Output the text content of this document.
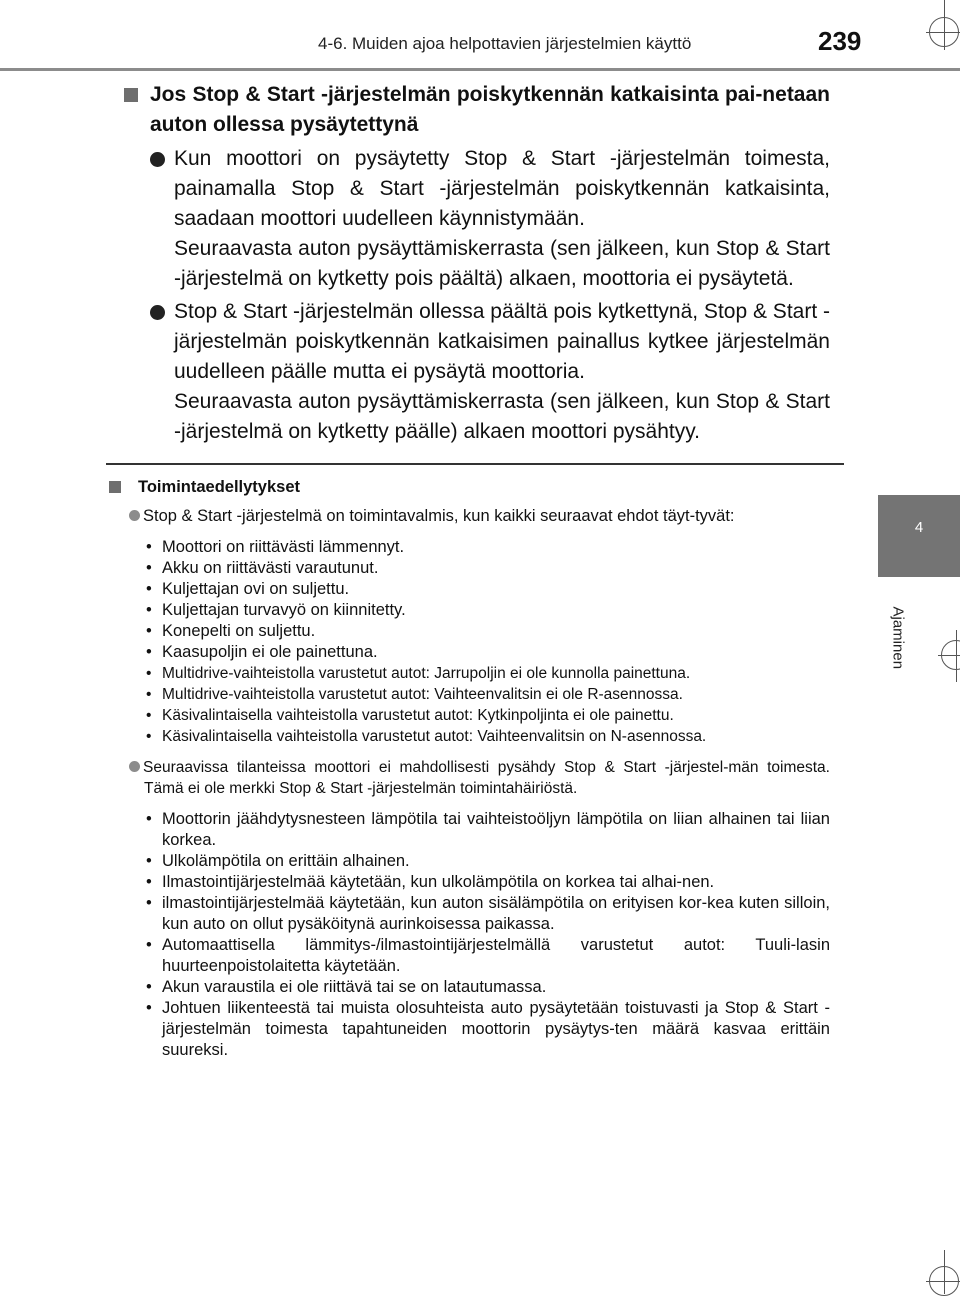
4-6. Muiden ajoa helpottavien järjestelmien käyttö	239
4
Ajaminen
Jos Stop & Start -järjestelmän poiskytkennän katkaisinta pai-netaan auton ollessa pysäytettynä
Kun moottori on pysäytetty Stop & Start -järjestelmän toimesta, painamalla Stop & Start -järjestelmän poiskytkennän katkaisinta, saadaan moottori uudelleen käynnistymään.
Seuraavasta auton pysäyttämiskerrasta (sen jälkeen, kun Stop & Start -järjestelmä on kytketty pois päältä) alkaen, moottoria ei pysäytetä.
Stop & Start -järjestelmän ollessa päältä pois kytkettynä, Stop & Start -järjestelmän poiskytkennän katkaisimen painallus kytkee järjestelmän uudelleen päälle mutta ei pysäytä moottoria.
Seuraavasta auton pysäyttämiskerrasta (sen jälkeen, kun Stop & Start -järjestelmä on kytketty päälle) alkaen moottori pysähtyy.
Toimintaedellytykset
Stop & Start -järjestelmä on toimintavalmis, kun kaikki seuraavat ehdot täyt-tyvät:
• Moottori on riittävästi lämmennyt.
• Akku on riittävästi varautunut.
• Kuljettajan ovi on suljettu.
• Kuljettajan turvavyö on kiinnitetty.
• Konepelti on suljettu.
• Kaasupoljin ei ole painettuna.
• Multidrive-vaihteistolla varustetut autot: Jarrupoljin ei ole kunnolla painettuna.
• Multidrive-vaihteistolla varustetut autot: Vaihteenvalitsin ei ole R-asennossa.
• Käsivalintaisella vaihteistolla varustetut autot: Kytkinpoljinta ei ole painettu.
• Käsivalintaisella vaihteistolla varustetut autot: Vaihteenvalitsin on N-asennossa.
Seuraavissa tilanteissa moottori ei mahdollisesti pysähdy Stop & Start -järjestel-män toimesta. Tämä ei ole merkki Stop & Start -järjestelmän toimintahäiriöstä.
• Moottorin jäähdytysnesteen lämpötila tai vaihteistoöljyn lämpötila on liian alhainen tai liian korkea.
• Ulkolämpötila on erittäin alhainen.
• Ilmastointijärjestelmää käytetään, kun ulkolämpötila on korkea tai alhai-nen.
• ilmastointijärjestelmää käytetään, kun auton sisälämpötila on erityisen kor-kea kuten silloin, kun auto on ollut pysäköitynä aurinkoisessa paikassa.
• Automaattisella lämmitys-/ilmastointijärjestelmällä varustetut autot: Tuuli-lasin huurteenpoistolaitetta käytetään.
• Akun varaustila ei ole riittävä tai se on latautumassa.
• Johtuen liikenteestä tai muista olosuhteista auto pysäytetään toistuvasti ja Stop & Start -järjestelmän toimesta tapahtuneiden moottorin pysäytys-ten määrä kasvaa erittäin suureksi.
